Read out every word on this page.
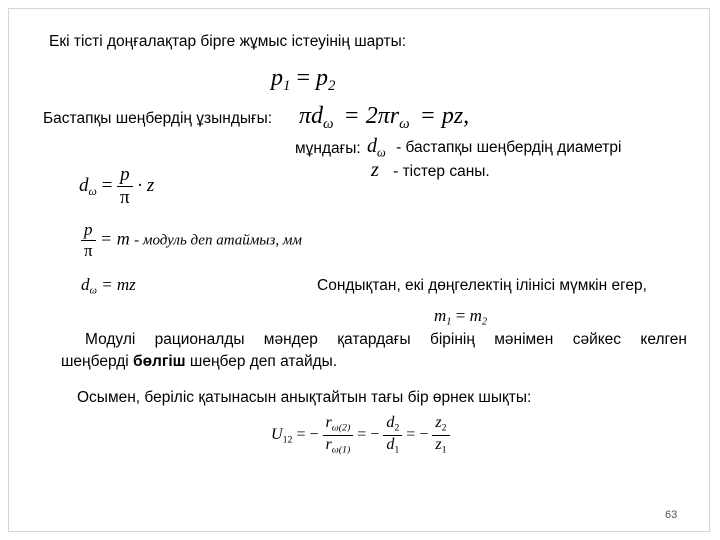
Екі тісті доңғалақтар бірге жұмыс істеуінің шарты:
$p_1 = p_2$
Бастапқы шеңбердің ұзындығы: $\pi d_\omega = 2\pi r_\omega$ = pz,
мұндағы: $d_\omega$ - бастапқы шеңбердің диаметрі
z - тістер саны.
$d_\omega = \frac{p}{\pi} \cdot z$
$\frac{p}{\pi} = m$ - модуль деп атаймыз, мм
$d_\omega$ = mz	Сондықтан, екі дөңгелектің ілінісі мүмкін егер,
$m_1 = m_2$
Модулі рационалды мәндер қатардағы бірінің мәнімен сәйкес келген
шеңберді бөлгіш шеңбер деп атайды.
Осымен, беріліс қатынасын анықтайтын тағы бір өрнек шықты:
$U_{12}$ = − $\frac{r_{\omega(2)}}{r_{\omega(1)}}$ = − $\frac{d_2}{d_1}$ = − $\frac{z_2}{z_1}$
63
